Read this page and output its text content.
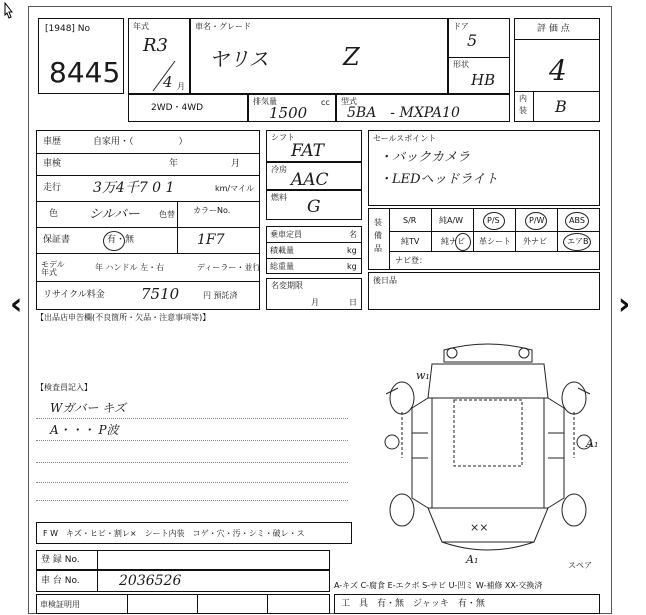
[1948] No
8445
年式
R3
4 月
車名・グレード
ヤリス	Z
ドア
5
形状
HB
評 価 点
4
内
装 B
2WD・4WD
排気量
1500
cc 型式
5BA　- MXPA10
車歴	自家用・（　　　　　）
車検	年	月
走行 3万4千7 0 1	km/マイル
色 シルバー 色替 カラーNo.
1F7
保証書	有・無
モデル年式
年 ハンドル 左・右	ディーラー・並行
リサイクル料金 7510	円 預託済
シフト
FAT
冷房
AAC
燃料 G
乗車定員	名
積載量	kg
総重量	kg
名変期限
月	日
セールスポイント
・バックカメラ
・LEDヘッドライト
装備品
S/R	純A/W	P/S	P/W	ABS
純TV	純ナビ 革シート 外ナビ	エアB
ナビ登：
後日品
【出品店申告欄(不良箇所・欠品・注意事項等)】
【検査員記入】
Wガバー キズ
A・・・ P波
w₁
××
A₁
A₁
スペア
F W　キズ・ヒビ・割レ×　シート内装　コゲ・穴・汚・シミ・破レ・ス
登 録 No.
車 台 No.	2036526
車検証明用
A-キズ C-腐食 E-エクボ S-サビ U-凹ミ W-補修 XX-交換済
工　具　有・無　ジャッキ　有・無
‹	›
